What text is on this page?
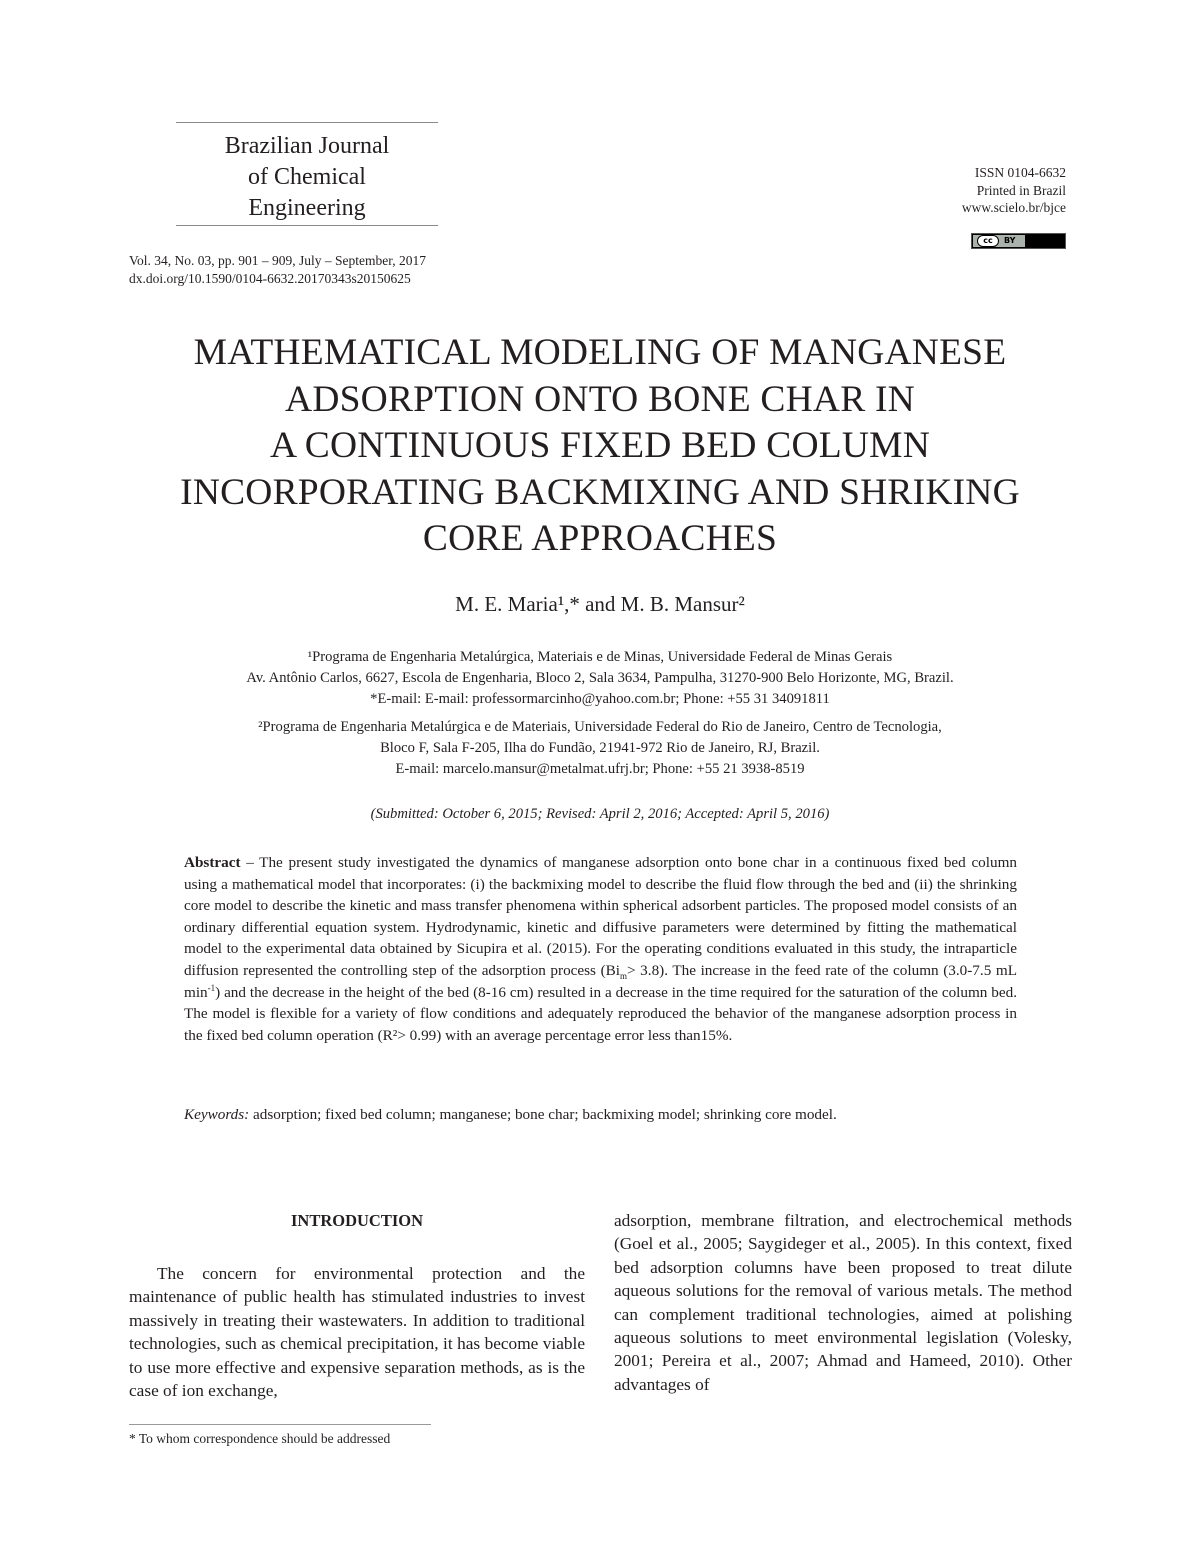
Brazilian Journal
of Chemical
Engineering
ISSN 0104-6632
Printed in Brazil
www.scielo.br/bjce
cc	BY
Vol. 34, No. 03, pp. 901 – 909, July – September, 2017
dx.doi.org/10.1590/0104-6632.20170343s20150625
MATHEMATICAL MODELING OF MANGANESE
ADSORPTION ONTO BONE CHAR IN
A CONTINUOUS FIXED BED COLUMN
INCORPORATING BACKMIXING AND SHRIKING
CORE APPROACHES
M. E. Maria¹,* and M. B. Mansur²
¹Programa de Engenharia Metalúrgica, Materiais e de Minas, Universidade Federal de Minas Gerais
Av. Antônio Carlos, 6627, Escola de Engenharia, Bloco 2, Sala 3634, Pampulha, 31270-900 Belo Horizonte, MG, Brazil.
*E-mail: E-mail: professormarcinho@yahoo.com.br; Phone: +55 31 34091811
²Programa de Engenharia Metalúrgica e de Materiais, Universidade Federal do Rio de Janeiro, Centro de Tecnologia,
Bloco F, Sala F-205, Ilha do Fundão, 21941-972 Rio de Janeiro, RJ, Brazil.
E-mail: marcelo.mansur@metalmat.ufrj.br; Phone: +55 21 3938-8519
(Submitted: October 6, 2015; Revised: April 2, 2016; Accepted: April 5, 2016)
Abstract – The present study investigated the dynamics of manganese adsorption onto bone char in a continuous fixed bed column using a mathematical model that incorporates: (i) the backmixing model to describe the fluid flow through the bed and (ii) the shrinking core model to describe the kinetic and mass transfer phenomena within spherical adsorbent particles. The proposed model consists of an ordinary differential equation system. Hydrodynamic, kinetic and diffusive parameters were determined by fitting the mathematical model to the experimental data obtained by Sicupira et al. (2015). For the operating conditions evaluated in this study, the intraparticle diffusion represented the controlling step of the adsorption process $(Bi_m> 3.8)$. The increase in the feed rate of the column (3.0-7.5 mL $\min^{-1}$) and the decrease in the height of the bed (8-16 cm) resulted in a decrease in the time required for the saturation of the column bed. The model is flexible for a variety of flow conditions and adequately reproduced the behavior of the manganese adsorption process in the fixed bed column operation (R²> 0.99) with an average percentage error less than15%.
Keywords: adsorption; fixed bed column; manganese; bone char; backmixing model; shrinking core model.
INTRODUCTION
The concern for environmental protection and the maintenance of public health has stimulated industries to invest massively in treating their wastewaters. In addition to traditional technologies, such as chemical precipitation, it has become viable to use more effective and expensive separation methods, as is the case of ion exchange,
adsorption, membrane filtration, and electrochemical methods (Goel et al., 2005; Saygideger et al., 2005). In this context, fixed bed adsorption columns have been proposed to treat dilute aqueous solutions for the removal of various metals. The method can complement traditional technologies, aimed at polishing aqueous solutions to meet environmental legislation (Volesky, 2001; Pereira et al., 2007; Ahmad and Hameed, 2010). Other advantages of
* To whom correspondence should be addressed
